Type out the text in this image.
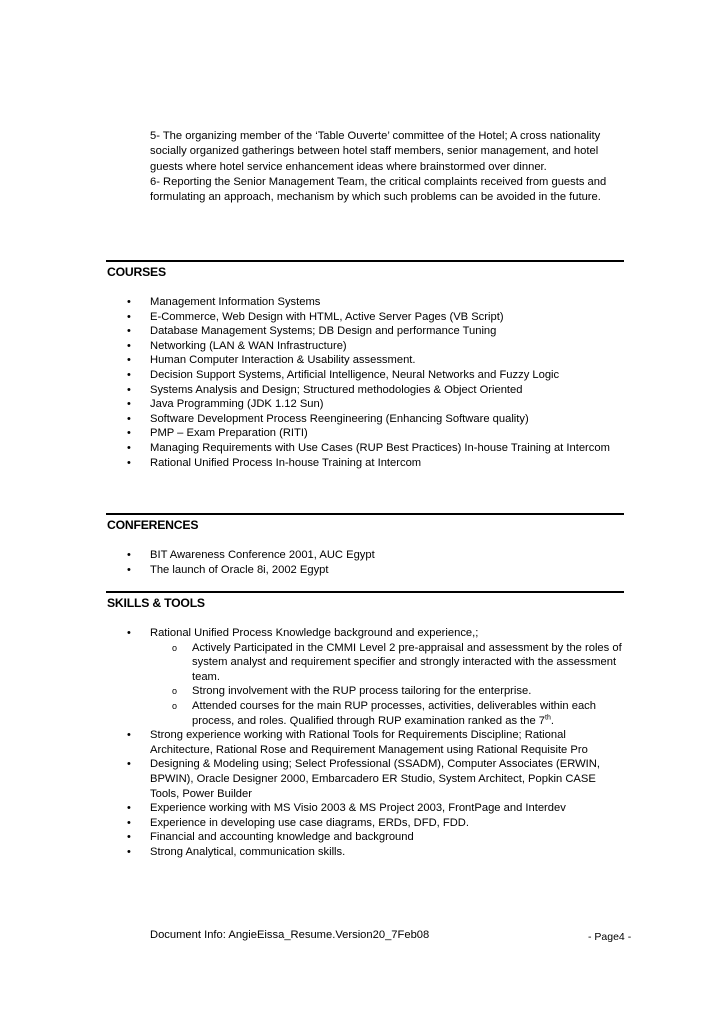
5- The organizing member of the ‘Table Ouverte’ committee of the Hotel; A cross nationality socially organized gatherings between hotel staff members, senior management, and hotel guests where hotel service enhancement ideas where brainstormed over dinner.

6- Reporting the Senior Management Team, the critical complaints received from guests and formulating an approach, mechanism by which such problems can be avoided in the future.

COURSES
• Management Information Systems
• E-Commerce, Web Design with HTML, Active Server Pages (VB Script)
• Database Management Systems; DB Design and performance Tuning
• Networking (LAN & WAN Infrastructure)
• Human Computer Interaction & Usability assessment.
• Decision Support Systems, Artificial Intelligence, Neural Networks and Fuzzy Logic
• Systems Analysis and Design; Structured methodologies & Object Oriented
• Java Programming (JDK 1.12 Sun)
• Software Development Process Reengineering (Enhancing Software quality)
• PMP – Exam Preparation (RITI)
• Managing Requirements with Use Cases (RUP Best Practices) In-house Training at Intercom
• Rational Unified Process In-house Training at Intercom
CONFERENCES
• BIT Awareness Conference 2001, AUC Egypt
• The launch of Oracle 8i, 2002 Egypt
SKILLS & TOOLS
• Rational Unified Process Knowledge background and experience,;
o Actively Participated in the CMMI Level 2 pre-appraisal and assessment by the roles of system analyst and requirement specifier and strongly interacted with the assessment team.
o Strong involvement with the RUP process tailoring for the enterprise.
o Attended courses for the main RUP processes, activities, deliverables within each process, and roles. Qualified through RUP examination ranked as the 7th.
• Strong experience working with Rational Tools for Requirements Discipline; Rational Architecture, Rational Rose and Requirement Management using Rational Requisite Pro
• Designing & Modeling using; Select Professional (SSADM), Computer Associates (ERWIN, BPWIN), Oracle Designer 2000, Embarcadero ER Studio, System Architect, Popkin CASE Tools, Power Builder
• Experience working with MS Visio 2003 & MS Project 2003, FrontPage and Interdev
• Experience in developing use case diagrams, ERDs, DFD, FDD.
• Financial and accounting knowledge and background
• Strong Analytical, communication skills.
Document Info: AngieEissa_Resume.Version20_7Feb08	- Page4 -
